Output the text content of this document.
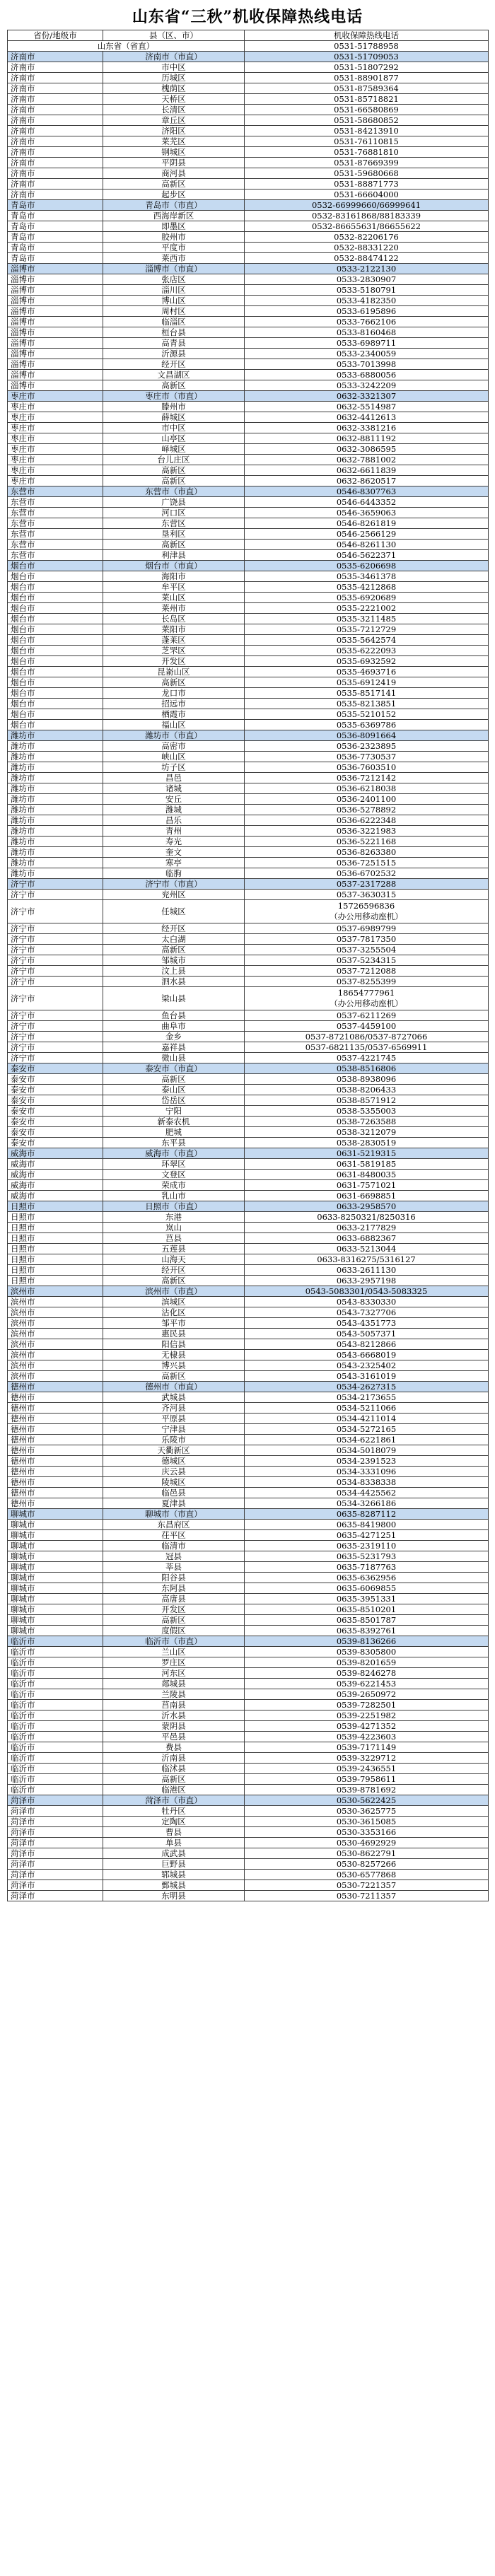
山东省“三秋”机收保障热线电话
省份/地级市	县（区、市）	机收保障热线电话
山东省（省直）		0531-51788958
济南市	济南市（市直）	0531-51709053
济南市	市中区	0531-51807292
济南市	历城区	0531-88901877
济南市	槐荫区	0531-87589364
济南市	天桥区	0531-85718821
济南市	长清区	0531-66580869
济南市	章丘区	0531-58680852
济南市	济阳区	0531-84213910
济南市	莱芜区	0531-76110815
济南市	钢城区	0531-76881810
济南市	平阴县	0531-87669399
济南市	商河县	0531-59680668
济南市	高新区	0531-88871773
济南市	起步区	0531-66604000
青岛市	青岛市（市直）	0532-66999660/66999641
青岛市	西海岸新区	0532-83161868/88183339
青岛市	即墨区	0532-86655631/86655622
青岛市	胶州市	0532-82206176
青岛市	平度市	0532-88331220
青岛市	莱西市	0532-88474122
淄博市	淄博市（市直）	0533-2122130
淄博市	张店区	0533-2830907
淄博市	淄川区	0533-5180791
淄博市	博山区	0533-4182350
淄博市	周村区	0533-6195896
淄博市	临淄区	0533-7662106
淄博市	桓台县	0533-8160468
淄博市	高青县	0533-6989711
淄博市	沂源县	0533-2340059
淄博市	经开区	0533-7013998
淄博市	文昌湖区	0533-6880056
淄博市	高新区	0533-3242209
枣庄市	枣庄市（市直）	0632-3321307
枣庄市	滕州市	0632-5514987
枣庄市	薛城区	0632-4412613
枣庄市	市中区	0632-3381216
枣庄市	山亭区	0632-8811192
枣庄市	峄城区	0632-3086595
枣庄市	台儿庄区	0632-7881002
枣庄市	高新区	0632-6611839
枣庄市	高新区	0632-8620517
东营市	东营市（市直）	0546-8307763
东营市	广饶县	0546-6443352
东营市	河口区	0546-3659063
东营市	东营区	0546-8261819
东营市	垦利区	0546-2566129
东营市	高新区	0546-8261130
东营市	利津县	0546-5622371
烟台市	烟台市（市直）	0535-6206698
烟台市	海阳市	0535-3461378
烟台市	牟平区	0535-4212868
烟台市	莱山区	0535-6920689
烟台市	莱州市	0535-2221002
烟台市	长岛区	0535-3211485
烟台市	莱阳市	0535-7212729
烟台市	蓬莱区	0535-5642574
烟台市	芝罘区	0535-6222093
烟台市	开发区	0535-6932592
烟台市	昆嵛山区	0535-4693716
烟台市	高新区	0535-6912419
烟台市	龙口市	0535-8517141
烟台市	招远市	0535-8213851
烟台市	栖霞市	0535-5210152
烟台市	福山区	0535-6369786
潍坊市	潍坊市（市直）	0536-8091664
潍坊市	高密市	0536-2323895
潍坊市	峡山区	0536-7730537
潍坊市	坊子区	0536-7603510
潍坊市	昌邑	0536-7212142
潍坊市	诸城	0536-6218038
潍坊市	安丘	0536-2401100
潍坊市	潍城	0536-5278892
潍坊市	昌乐	0536-6222348
潍坊市	青州	0536-3221983
潍坊市	寿光	0536-5221168
潍坊市	奎文	0536-8263380
潍坊市	寒亭	0536-7251515
潍坊市	临朐	0536-6702532
济宁市	济宁市（市直）	0537-2317288
济宁市	兖州区	0537-3630315
济宁市	任城区	15726596836
（办公用移动座机）

济宁市	经开区	0537-6989799
济宁市	太白湖	0537-7817350
济宁市	高新区	0537-3255504
济宁市	邹城市	0537-5234315
济宁市	汶上县	0537-7212088
济宁市	泗水县	0537-8255399
济宁市	梁山县	18654777961
（办公用移动座机）

济宁市	鱼台县	0537-6211269
济宁市	曲阜市	0537-4459100
济宁市	金乡	0537-8721086/0537-8727066
济宁市	嘉祥县	0537-6821135/0537-6569911
济宁市	微山县	0537-4221745
泰安市	泰安市（市直）	0538-8516806
泰安市	高新区	0538-8938096
泰安市	泰山区	0538-8206433
泰安市	岱岳区	0538-8571912
泰安市	宁阳	0538-5355003
泰安市	新泰农机	0538-7263588
泰安市	肥城	0538-3212079
泰安市	东平县	0538-2830519
威海市	威海市（市直）	0631-5219315
威海市	环翠区	0631-5819185
威海市	文登区	0631-8480035
威海市	荣成市	0631-7571021
威海市	乳山市	0631-6698851
日照市	日照市（市直）	0633-2958570
日照市	东港	0633-8250321/8250316
日照市	岚山	0633-2177829
日照市	莒县	0633-6882367
日照市	五莲县	0633-5213044
日照市	山海天	0633-8316275/5316127
日照市	经开区	0633-2611130
日照市	高新区	0633-2957198
滨州市	滨州市（市直）	0543-5083301/0543-5083325
滨州市	滨城区	0543-8330330
滨州市	沾化区	0543-7327706
滨州市	邹平市	0543-4351773
滨州市	惠民县	0543-5057371
滨州市	阳信县	0543-8212866
滨州市	无棣县	0543-6668019
滨州市	博兴县	0543-2325402
滨州市	高新区	0543-3161019
德州市	德州市（市直）	0534-2627315
德州市	武城县	0534-2173655
德州市	齐河县	0534-5211066
德州市	平原县	0534-4211014
德州市	宁津县	0534-5272165
德州市	乐陵市	0534-6221861
德州市	天衢新区	0534-5018079
德州市	德城区	0534-2391523
德州市	庆云县	0534-3331096
德州市	陵城区	0534-8338338
德州市	临邑县	0534-4425562
德州市	夏津县	0534-3266186
聊城市	聊城市（市直）	0635-8287112
聊城市	东昌府区	0635-8419800
聊城市	茌平区	0635-4271251
聊城市	临清市	0635-2319110
聊城市	冠县	0635-5231793
聊城市	莘县	0635-7187763
聊城市	阳谷县	0635-6362956
聊城市	东阿县	0635-6069855
聊城市	高唐县	0635-3951331
聊城市	开发区	0635-8510201
聊城市	高新区	0635-8501787
聊城市	度假区	0635-8392761
临沂市	临沂市（市直）	0539-8136266
临沂市	兰山区	0539-8305800
临沂市	罗庄区	0539-8201659
临沂市	河东区	0539-8246278
临沂市	郯城县	0539-6221453
临沂市	兰陵县	0539-2650972
临沂市	莒南县	0539-7282501
临沂市	沂水县	0539-2251982
临沂市	蒙阴县	0539-4271352
临沂市	平邑县	0539-4223603
临沂市	费县	0539-7171149
临沂市	沂南县	0539-3229712
临沂市	临沭县	0539-2436551
临沂市	高新区	0539-7958611
临沂市	临港区	0539-8781692
菏泽市	菏泽市（市直）	0530-5622425
菏泽市	牡丹区	0530-3625775
菏泽市	定陶区	0530-3615085
菏泽市	曹县	0530-3353166
菏泽市	单县	0530-4692929
菏泽市	成武县	0530-8622791
菏泽市	巨野县	0530-8257266
菏泽市	郓城县	0530-6577868
菏泽市	鄄城县	0530-7221357
菏泽市	东明县	0530-7211357
